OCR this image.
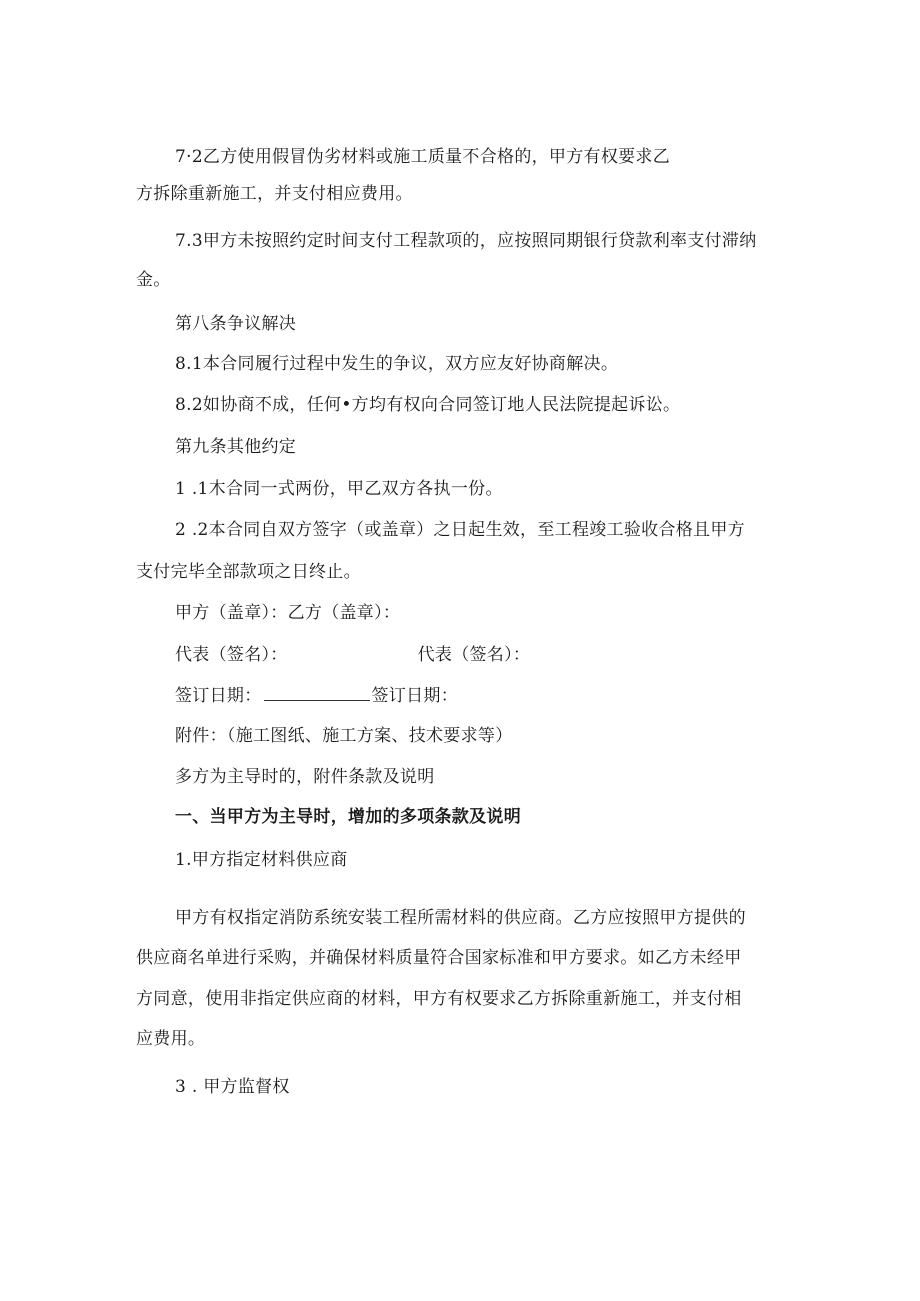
7·2乙方使用假冒伪劣材料或施工质量不合格的，甲方有权要求乙
方拆除重新施工，并支付相应费用。
7.3甲方未按照约定时间支付工程款项的，应按照同期银行贷款利率支付滞纳
金。
第八条争议解决
8.1本合同履行过程中发生的争议，双方应友好协商解决。
8.2如协商不成，任何•方均有权向合同签订地人民法院提起诉讼。
第九条其他约定
1 .1木合同一式两份，甲乙双方各执一份。
2 .2本合同自双方签字（或盖章）之日起生效，至工程竣工验收合格且甲方
支付完毕全部款项之日终止。
甲方（盖章）：乙方（盖章）：
代表（签名）：	代表（签名）：
签订日期：	签订日期：
附件：（施工图纸、施工方案、技术要求等）
多方为主导时的，附件条款及说明
一、当甲方为主导时，增加的多项条款及说明
1.甲方指定材料供应商
甲方有权指定消防系统安装工程所需材料的供应商。乙方应按照甲方提供的
供应商名单进行采购，并确保材料质量符合国家标准和甲方要求。如乙方未经甲
方同意，使用非指定供应商的材料，甲方有权要求乙方拆除重新施工，并支付相
应费用。
3 . 甲方监督权
